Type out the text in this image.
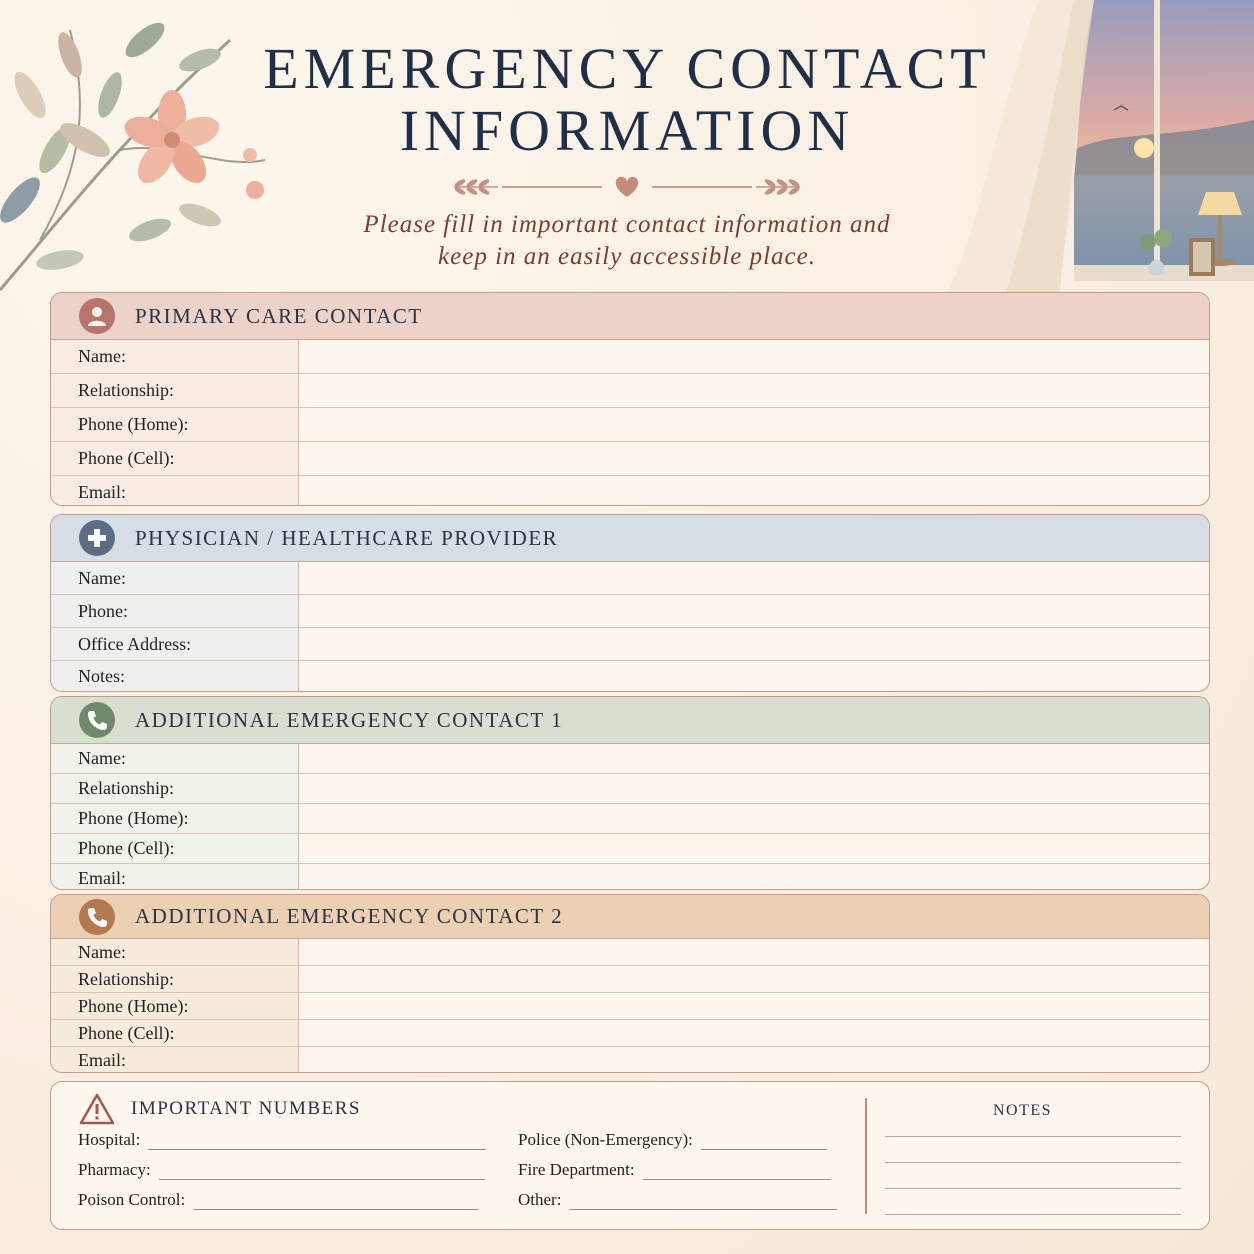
EMERGENCY CONTACT
INFORMATION
Please fill in important contact information and
keep in an easily accessible place.
PRIMARY CARE CONTACT
Name:
Relationship:
Phone (Home):
Phone (Cell):
Email:
PHYSICIAN / HEALTHCARE PROVIDER
Name:
Phone:
Office Address:
Notes:
ADDITIONAL EMERGENCY CONTACT 1
Name:
Relationship:
Phone (Home):
Phone (Cell):
Email:
ADDITIONAL EMERGENCY CONTACT 2
Name:
Relationship:
Phone (Home):
Phone (Cell):
Email:
IMPORTANT NUMBERS
Hospital:
Pharmacy:
Poison Control:
Police (Non-Emergency):
Fire Department:
Other:
NOTES
